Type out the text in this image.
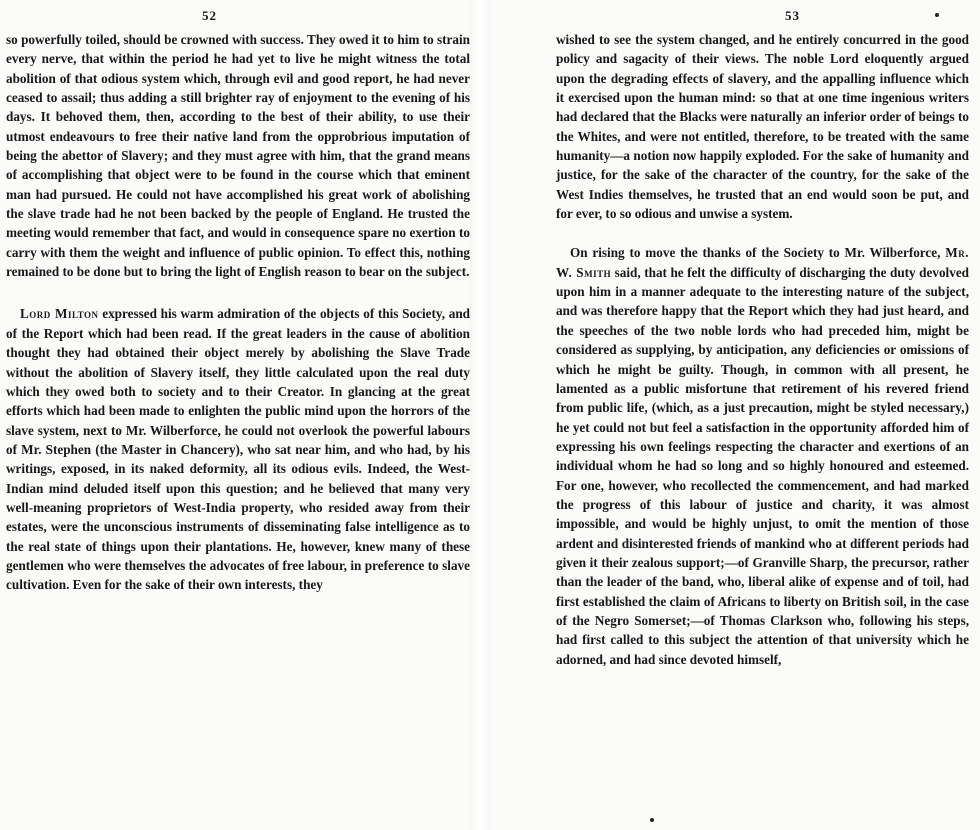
52

so powerfully toiled, should be crowned with success. They owed it to him to strain every nerve, that within the period he had yet to live he might witness the total abolition of that odious system which, through evil and good report, he had never ceased to assail; thus adding a still brighter ray of enjoyment to the evening of his days. It behoved them, then, according to the best of their ability, to use their utmost endeavours to free their native land from the opprobrious imputation of being the abettor of Slavery; and they must agree with him, that the grand means of accomplishing that object were to be found in the course which that eminent man had pursued. He could not have accomplished his great work of abolishing the slave trade had he not been backed by the people of England. He trusted the meeting would remember that fact, and would in consequence spare no exertion to carry with them the weight and influence of public opinion. To effect this, nothing remained to be done but to bring the light of English reason to bear on the subject.

Lord Milton expressed his warm admiration of the objects of this Society, and of the Report which had been read. If the great leaders in the cause of abolition thought they had obtained their object merely by abolishing the Slave Trade without the abolition of Slavery itself, they little calculated upon the real duty which they owed both to society and to their Creator. In glancing at the great efforts which had been made to enlighten the public mind upon the horrors of the slave system, next to Mr. Wilberforce, he could not overlook the powerful labours of Mr. Stephen (the Master in Chancery), who sat near him, and who had, by his writings, exposed, in its naked deformity, all its odious evils. Indeed, the West-Indian mind deluded itself upon this question; and he believed that many very well-meaning proprietors of West-India property, who resided away from their estates, were the unconscious instruments of disseminating false intelligence as to the real state of things upon their plantations. He, however, knew many of these gentlemen who were themselves the advocates of free labour, in preference to slave cultivation. Even for the sake of their own interests, they

53

wished to see the system changed, and he entirely concurred in the good policy and sagacity of their views. The noble Lord eloquently argued upon the degrading effects of slavery, and the appalling influence which it exercised upon the human mind: so that at one time ingenious writers had declared that the Blacks were naturally an inferior order of beings to the Whites, and were not entitled, therefore, to be treated with the same humanity—a notion now happily exploded. For the sake of humanity and justice, for the sake of the character of the country, for the sake of the West Indies themselves, he trusted that an end would soon be put, and for ever, to so odious and unwise a system.

On rising to move the thanks of the Society to Mr. Wilberforce, Mr. W. Smith said, that he felt the difficulty of discharging the duty devolved upon him in a manner adequate to the interesting nature of the subject, and was therefore happy that the Report which they had just heard, and the speeches of the two noble lords who had preceded him, might be considered as supplying, by anticipation, any deficiencies or omissions of which he might be guilty. Though, in common with all present, he lamented as a public misfortune that retirement of his revered friend from public life, (which, as a just precaution, might be styled necessary,) he yet could not but feel a satisfaction in the opportunity afforded him of expressing his own feelings respecting the character and exertions of an individual whom he had so long and so highly honoured and esteemed. For one, however, who recollected the commencement, and had marked the progress of this labour of justice and charity, it was almost impossible, and would be highly unjust, to omit the mention of those ardent and disinterested friends of mankind who at different periods had given it their zealous support;—of Granville Sharp, the precursor, rather than the leader of the band, who, liberal alike of expense and of toil, had first established the claim of Africans to liberty on British soil, in the case of the Negro Somerset;—of Thomas Clarkson who, following his steps, had first called to this subject the attention of that university which he adorned, and had since devoted himself,
